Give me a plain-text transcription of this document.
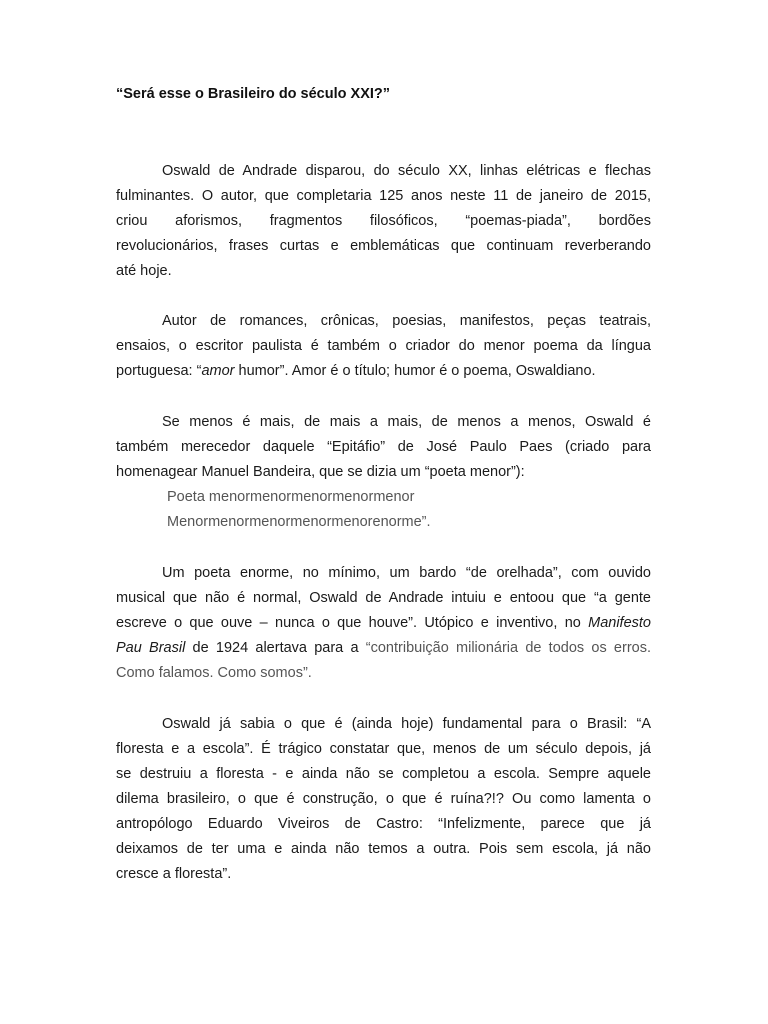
“Será esse o Brasileiro do século XXI?”
Oswald de Andrade disparou, do século XX, linhas elétricas e flechas
fulminantes. O autor, que completaria 125 anos neste 11 de janeiro de 2015,
criou aforismos, fragmentos filosóficos, “poemas-piada”, bordões
revolucionários, frases curtas e emblemáticas que continuam reverberando
até hoje.
Autor de romances, crônicas, poesias, manifestos, peças teatrais,
ensaios, o escritor paulista é também o criador do menor poema da língua
portuguesa: “amor humor”. Amor é o título; humor é o poema, Oswaldiano.
Se menos é mais, de mais a mais, de menos a menos, Oswald é
também merecedor daquele “Epitáfio” de José Paulo Paes (criado para
homenagear Manuel Bandeira, que se dizia um “poeta menor”):
Poeta menormenormenormenormenor
Menormenormenormenormenorenorme”.
Um poeta enorme, no mínimo, um bardo “de orelhada”, com ouvido
musical que não é normal, Oswald de Andrade intuiu e entoou que “a gente
escreve o que ouve – nunca o que houve”. Utópico e inventivo, no Manifesto
Pau Brasil de 1924 alertava para a “contribuição milionária de todos os erros.
Como falamos. Como somos”.
Oswald já sabia o que é (ainda hoje) fundamental para o Brasil: “A
floresta e a escola”. É trágico constatar que, menos de um século depois, já
se destruiu a floresta - e ainda não se completou a escola. Sempre aquele
dilema brasileiro, o que é construção, o que é ruína?!? Ou como lamenta o
antropólogo Eduardo Viveiros de Castro: “Infelizmente, parece que já
deixamos de ter uma e ainda não temos a outra. Pois sem escola, já não
cresce a floresta”.
